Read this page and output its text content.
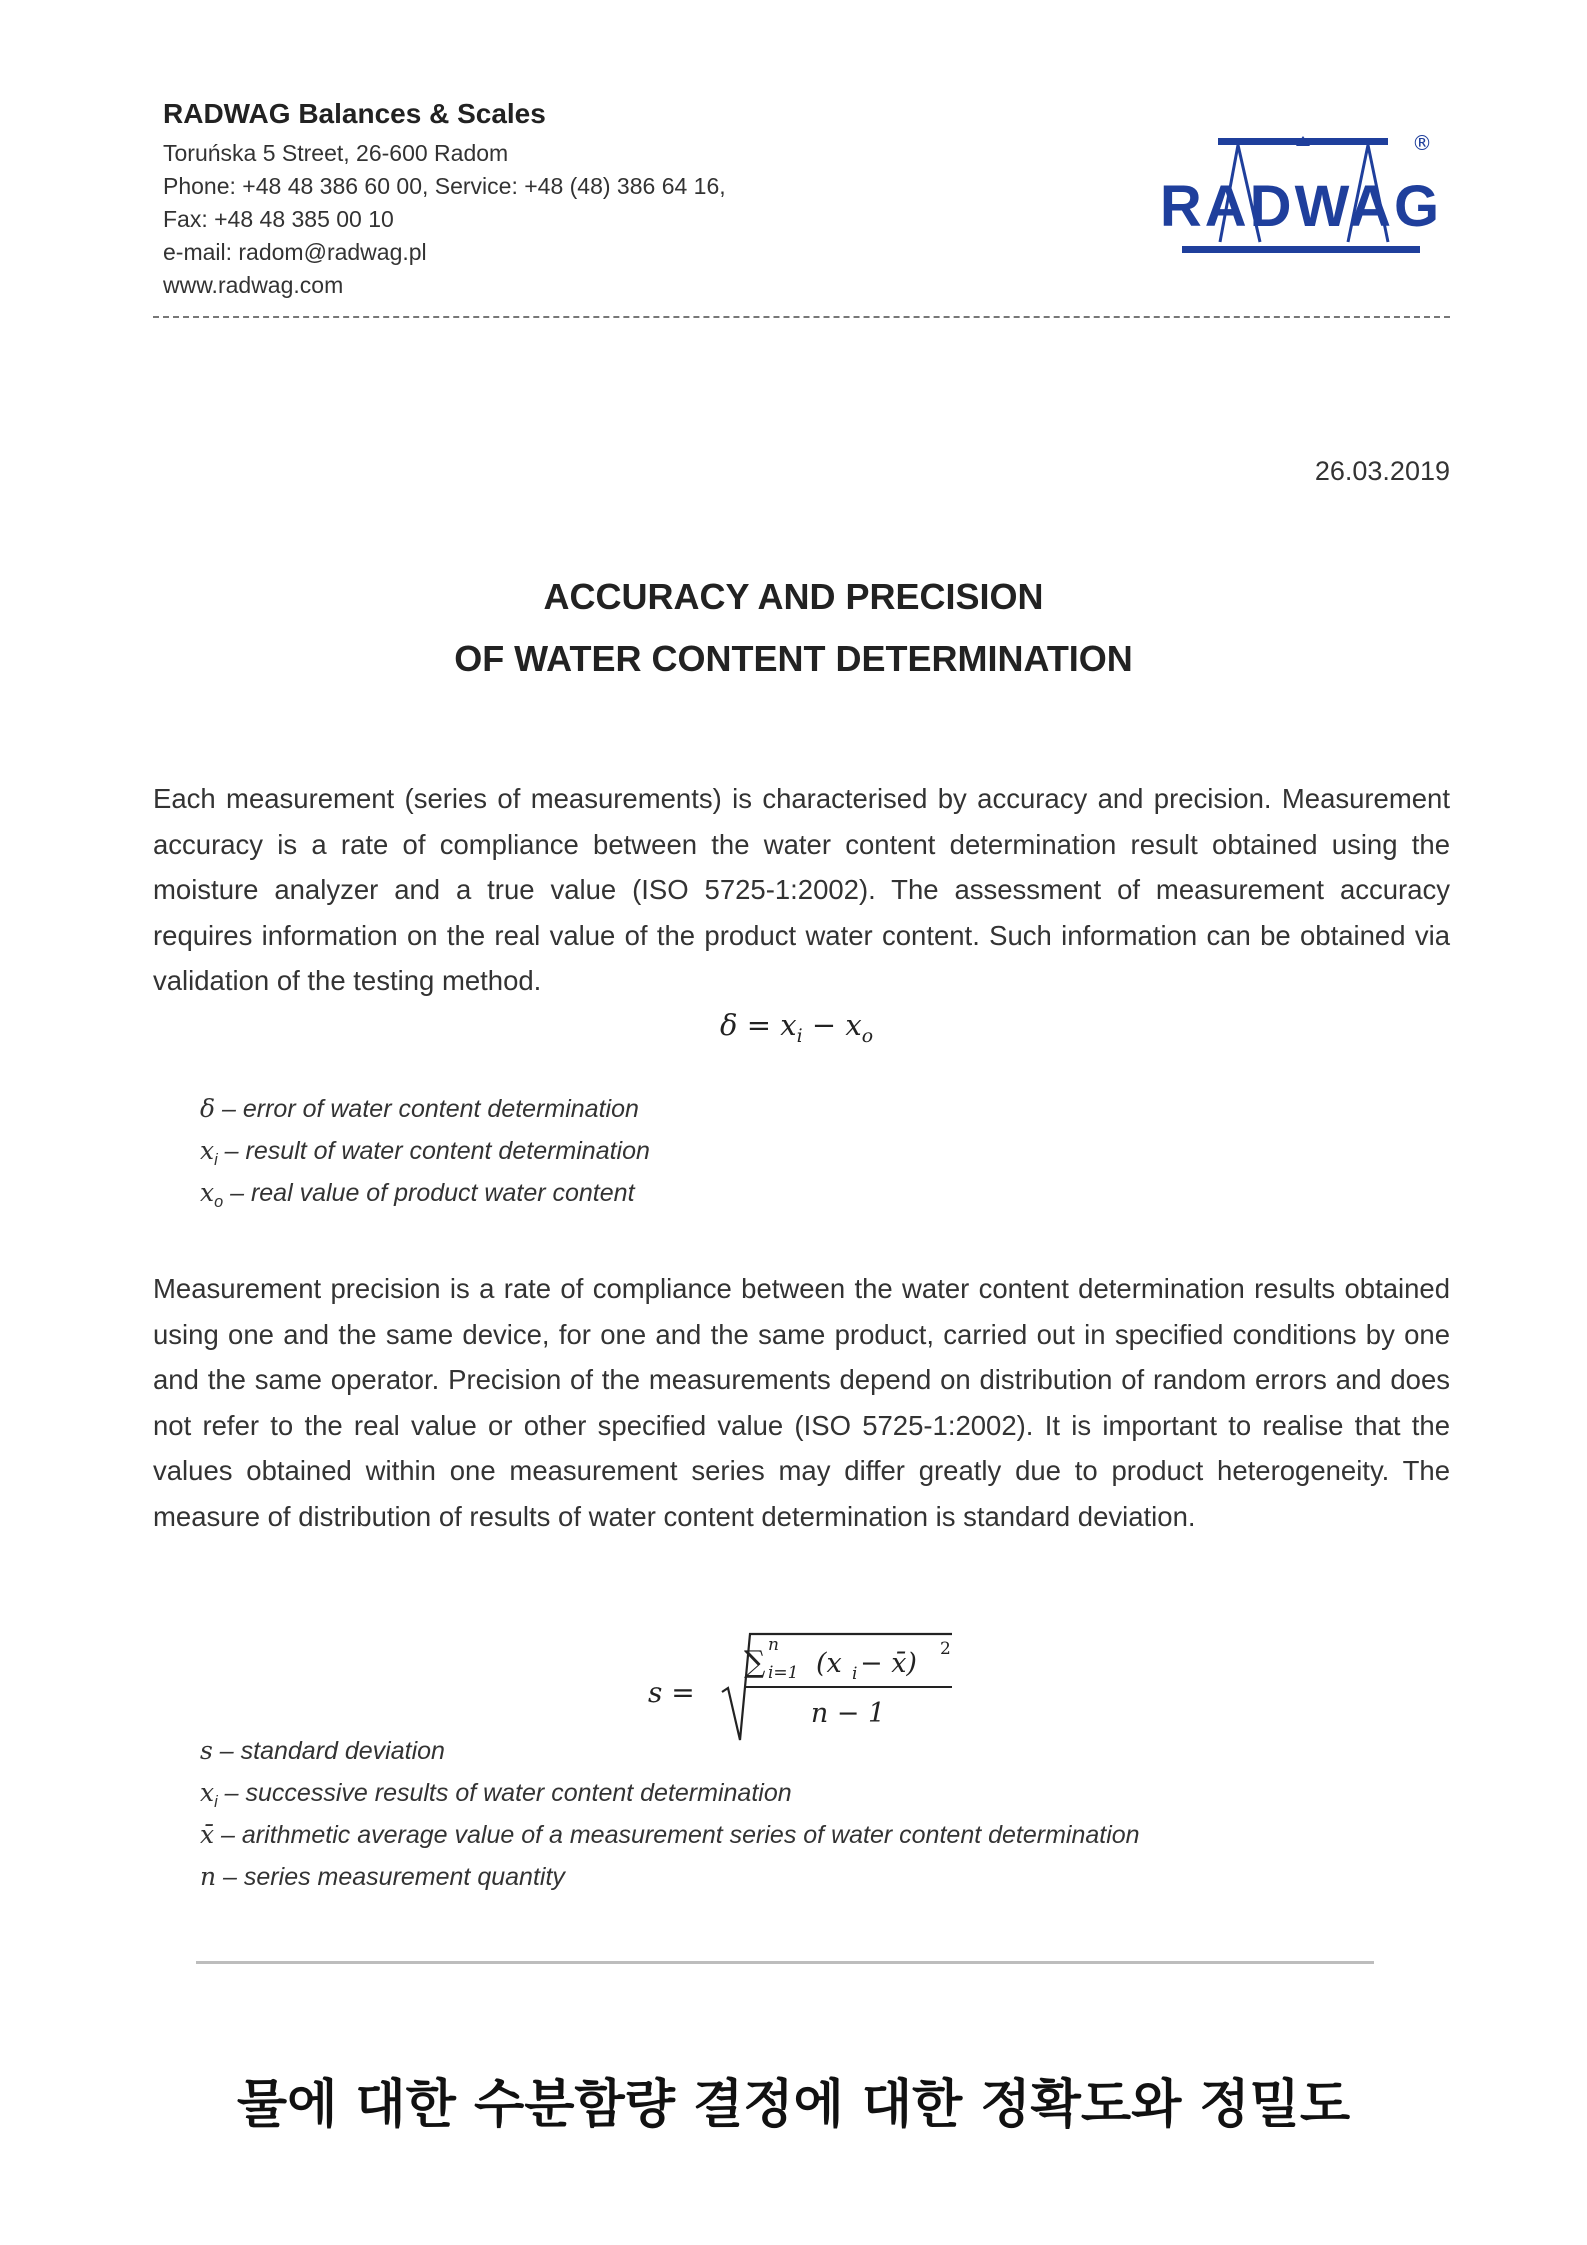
RADWAG Balances & Scales
Toruńska 5 Street, 26-600 Radom
Phone: +48 48 386 60 00, Service: +48 (48) 386 64 16,
Fax: +48 48 385 00 10
e-mail: radom@radwag.pl
www.radwag.com
RADWAG
®
26.03.2019
ACCURACY AND PRECISION
OF WATER CONTENT DETERMINATION

Each measurement (series of measurements) is characterised by accuracy and precision. Measurement accuracy is a rate of compliance between the water content determination result obtained using the moisture analyzer and a true value (ISO 5725-1:2002). The assessment of measurement accuracy requires information on the real value of the product water content. Such information can be obtained via validation of the testing method.

$\delta = x_i - x_o$
δ – error of water content determination
$x_i$ – result of water content determination
$x_o$ – real value of product water content

Measurement precision is a rate of compliance between the water content determination results obtained using one and the same device, for one and the same product, carried out in specified conditions by one and the same operator. Precision of the measurements depend on distribution of random errors and does not refer to the real value or other specified value (ISO 5725-1:2002). It is important to realise that the values obtained within one measurement series may differ greatly due to product heterogeneity. The measure of distribution of results of water content determination is standard deviation.

s =
∑ n
i=1 (x i − x̄) 2
n − 1
s – standard deviation
$x_i$ – successive results of water content determination
x̄ – arithmetic average value of a measurement series of water content determination
n – series measurement quantity
물에 대한 수분함량 결정에 대한 정확도와 정밀도
